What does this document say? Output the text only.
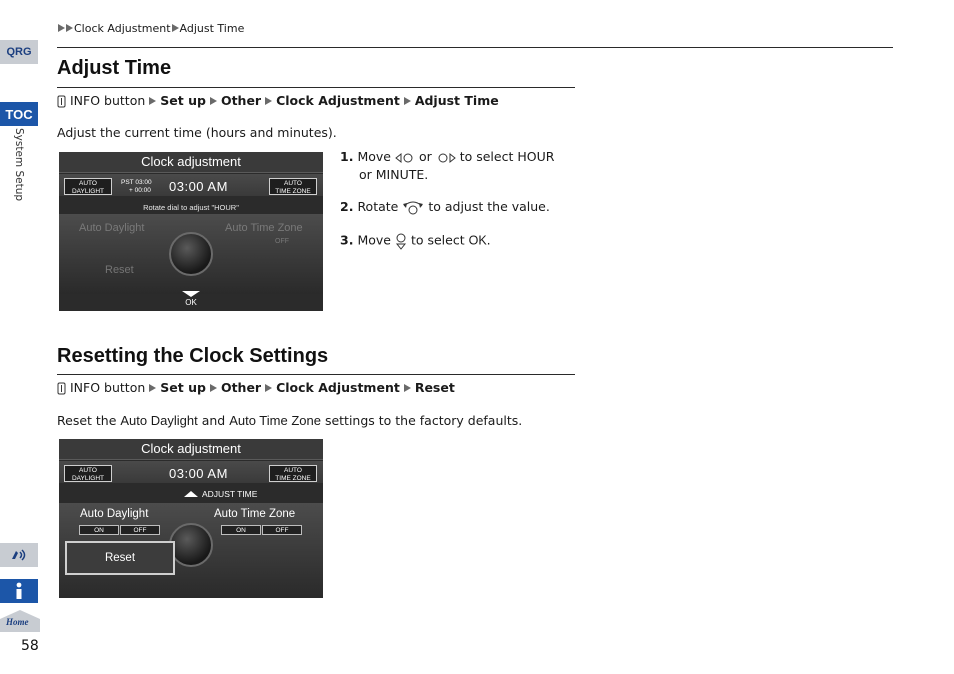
QRG
TOC
System Setup
Home
58
Clock Adjustment Adjust Time
Adjust Time
INFO button Set up Other Clock Adjustment Adjust Time
Adjust the current time (hours and minutes).
Clock adjustment
AUTO
DAYLIGHT
PST 03:00
+ 00:00 03:00 AM	AUTO
TIME ZONE
Rotate dial to adjust "HOUR"
Auto Daylight	Auto Time Zone
OFF
Reset
OK
1. Move or to select HOUR
or MINUTE.
2. Rotate to adjust the value.
3. Move to select OK.
Resetting the Clock Settings
INFO button Set up Other Clock Adjustment Reset
Reset the Auto Daylight and Auto Time Zone settings to the factory defaults.
Clock adjustment
AUTO
DAYLIGHT	03:00 AM	AUTO
TIME ZONE
ADJUST TIME
Auto Daylight
ON	OFF
Auto Time Zone
ON	OFF
Reset
